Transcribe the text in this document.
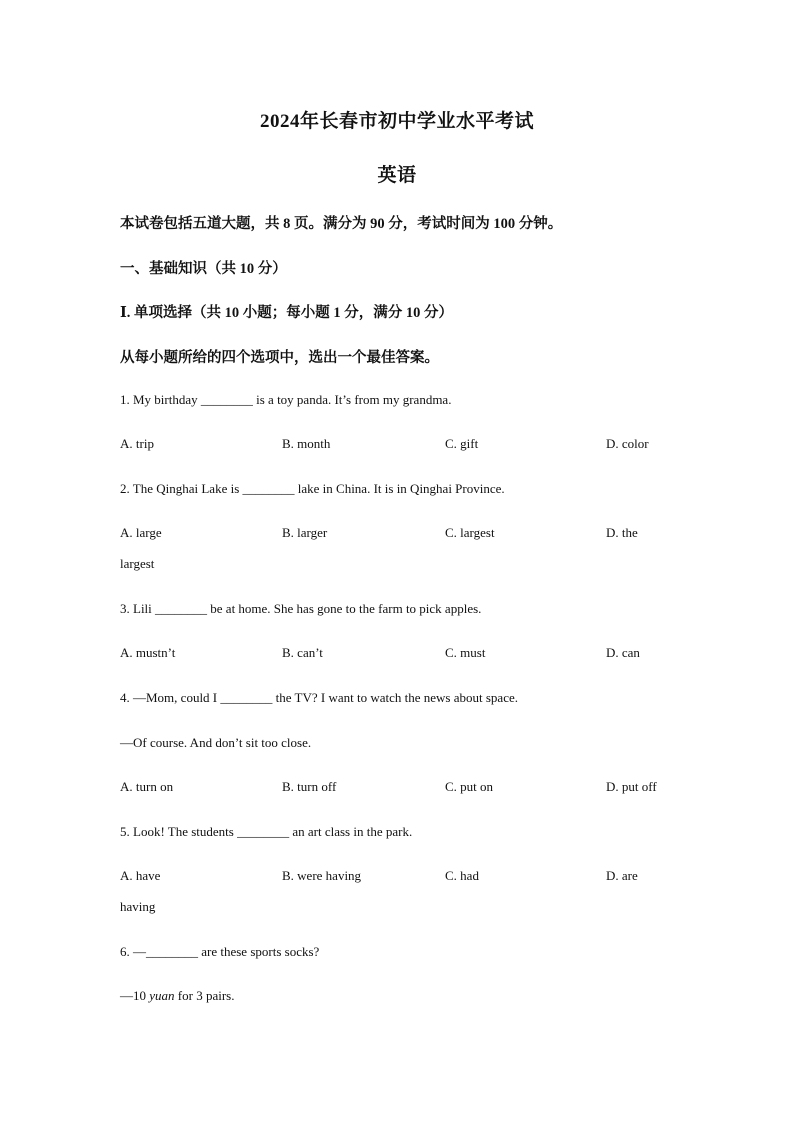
2024年长春市初中学业水平考试
英语
本试卷包括五道大题，共 8 页。满分为 90 分，考试时间为 100 分钟。
一、基础知识（共 10 分）
Ⅰ. 单项选择（共 10 小题；每小题 1 分，满分 10 分）
从每小题所给的四个选项中，选出一个最佳答案。
1. My birthday ________ is a toy panda. It’s from my grandma.
A. trip	B. month	C. gift	D. color
2. The Qinghai Lake is ________ lake in China. It is in Qinghai Province.
A. large	B. larger	C. largest	D. the
largest
3. Lili ________ be at home. She has gone to the farm to pick apples.
A. mustn’t	B. can’t	C. must	D. can
4. —Mom, could I ________ the TV? I want to watch the news about space.
—Of course. And don’t sit too close.
A. turn on	B. turn off	C. put on	D. put off
5. Look! The students ________ an art class in the park.
A. have	B. were having	C. had	D. are
having
6. —________ are these sports socks?
—10 yuan for 3 pairs.
